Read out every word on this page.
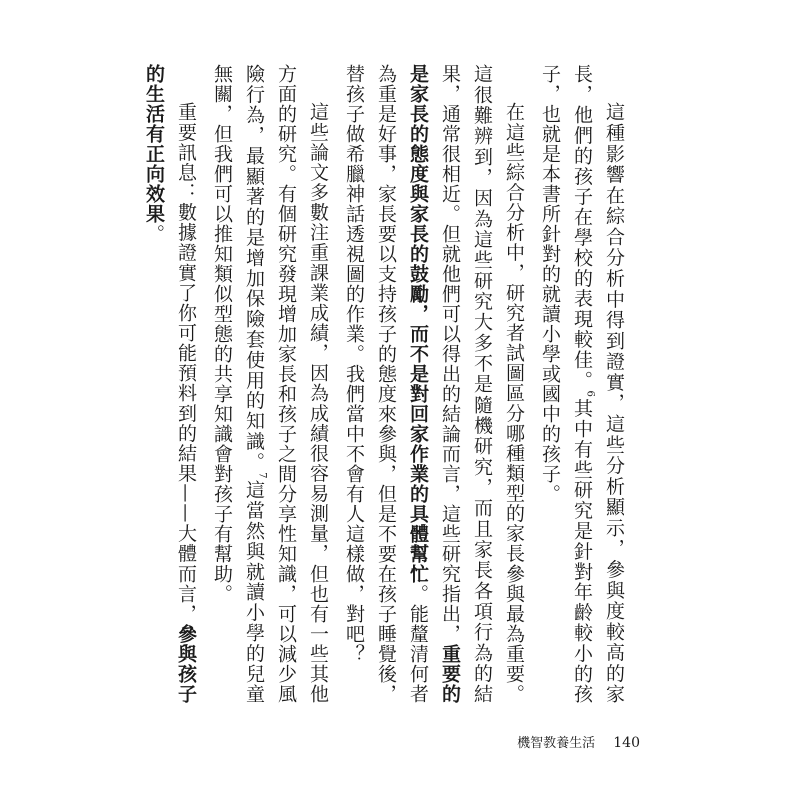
這種影響在綜合分析中得到證實，這些分析顯示，參與度較高的家長，他們的孩子在學校的表現較佳。$^6$其中有些研究是針對年齡較小的孩子，也就是本書所針對的就讀小學或國中的孩子。

在這些綜合分析中，研究者試圖區分哪種類型的家長參與最為重要。這很難辨到，因為這些研究大多不是隨機研究，而且家長各項行為的結果，通常很相近。但就他們可以得出的結論而言，這些研究指出，重要的是家長的態度與家長的鼓勵，而不是對回家作業的具體幫忙。能釐清何者為重是好事，家長要以支持孩子的態度來參與，但是不要在孩子睡覺後，替孩子做希臘神話透視圖的作業。我們當中不會有人這樣做，對吧？

這些論文多數注重課業成績，因為成績很容易測量，但也有一些其他方面的研究。有個研究發現增加家長和孩子之間分享性知識，可以減少風險行為，最顯著的是增加保險套使用的知識。$^7$這當然與就讀小學的兒童無關，但我們可以推知類似型態的共享知識會對孩子有幫助。

重要訊息：數據證實了你可能預料到的結果——大體而言，參與孩子的生活有正向效果。

機智教養生活 140
